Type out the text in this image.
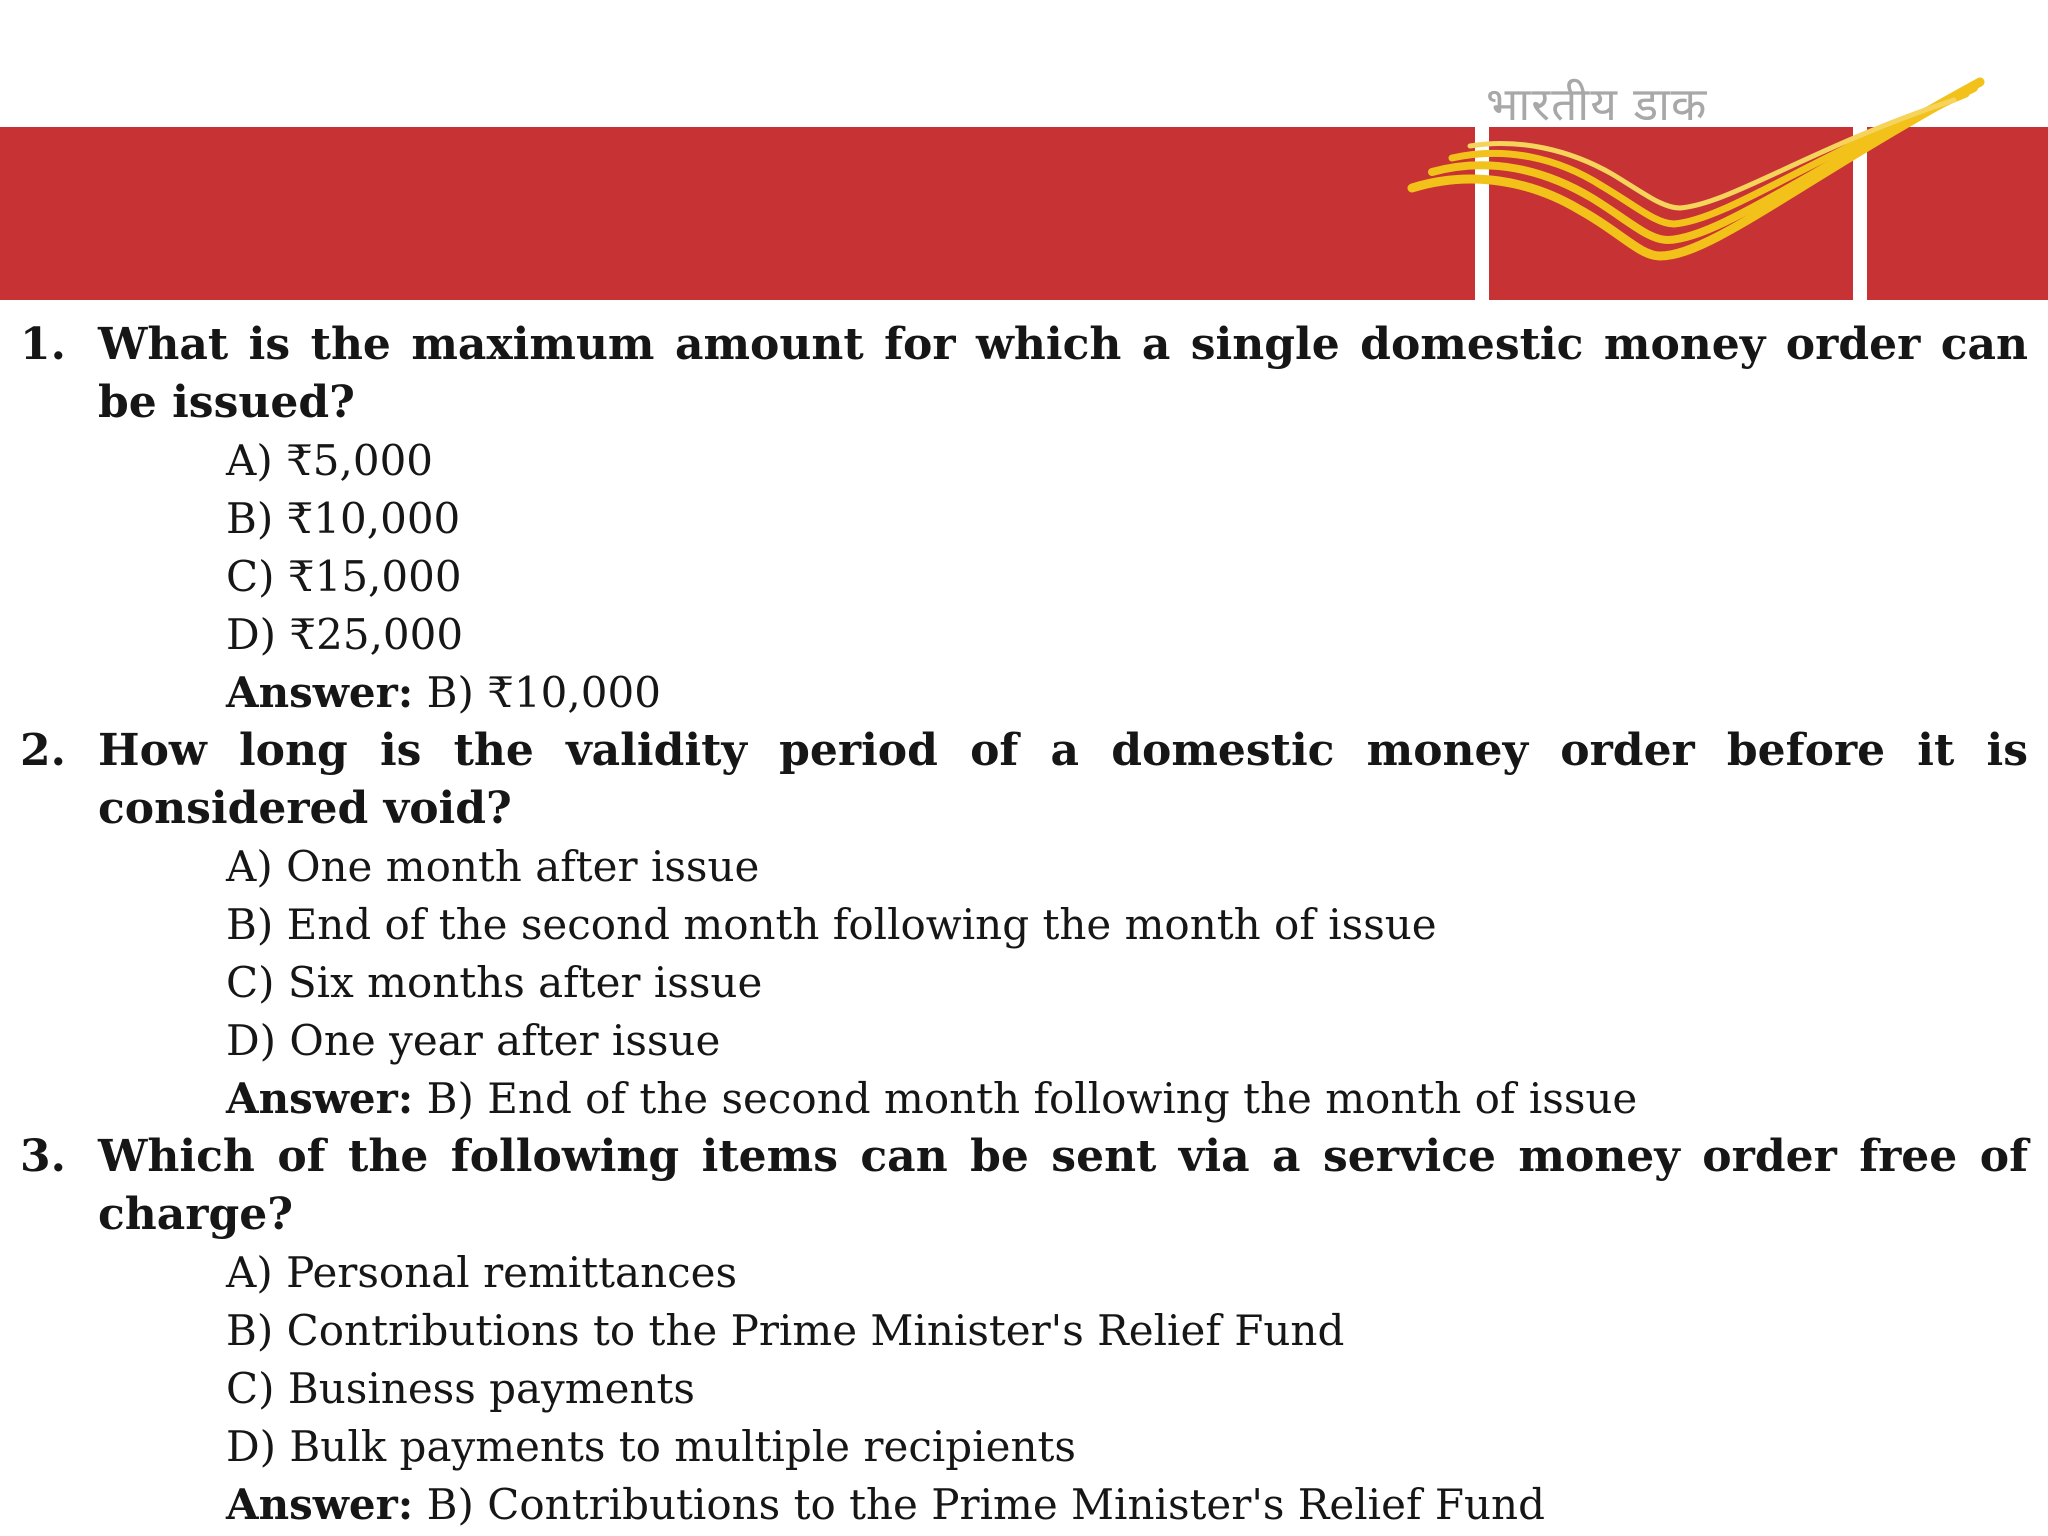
भारतीय डाक
1. What is the maximum amount for which a single domestic money order can be issued?
A) ₹5,000
B) ₹10,000
C) ₹15,000
D) ₹25,000
Answer: B) ₹10,000
2. How long is the validity period of a domestic money order before it is considered void?
A) One month after issue
B) End of the second month following the month of issue
C) Six months after issue
D) One year after issue
Answer: B) End of the second month following the month of issue
3. Which of the following items can be sent via a service money order free of charge?
A) Personal remittances
B) Contributions to the Prime Minister's Relief Fund
C) Business payments
D) Bulk payments to multiple recipients
Answer: B) Contributions to the Prime Minister's Relief Fund
